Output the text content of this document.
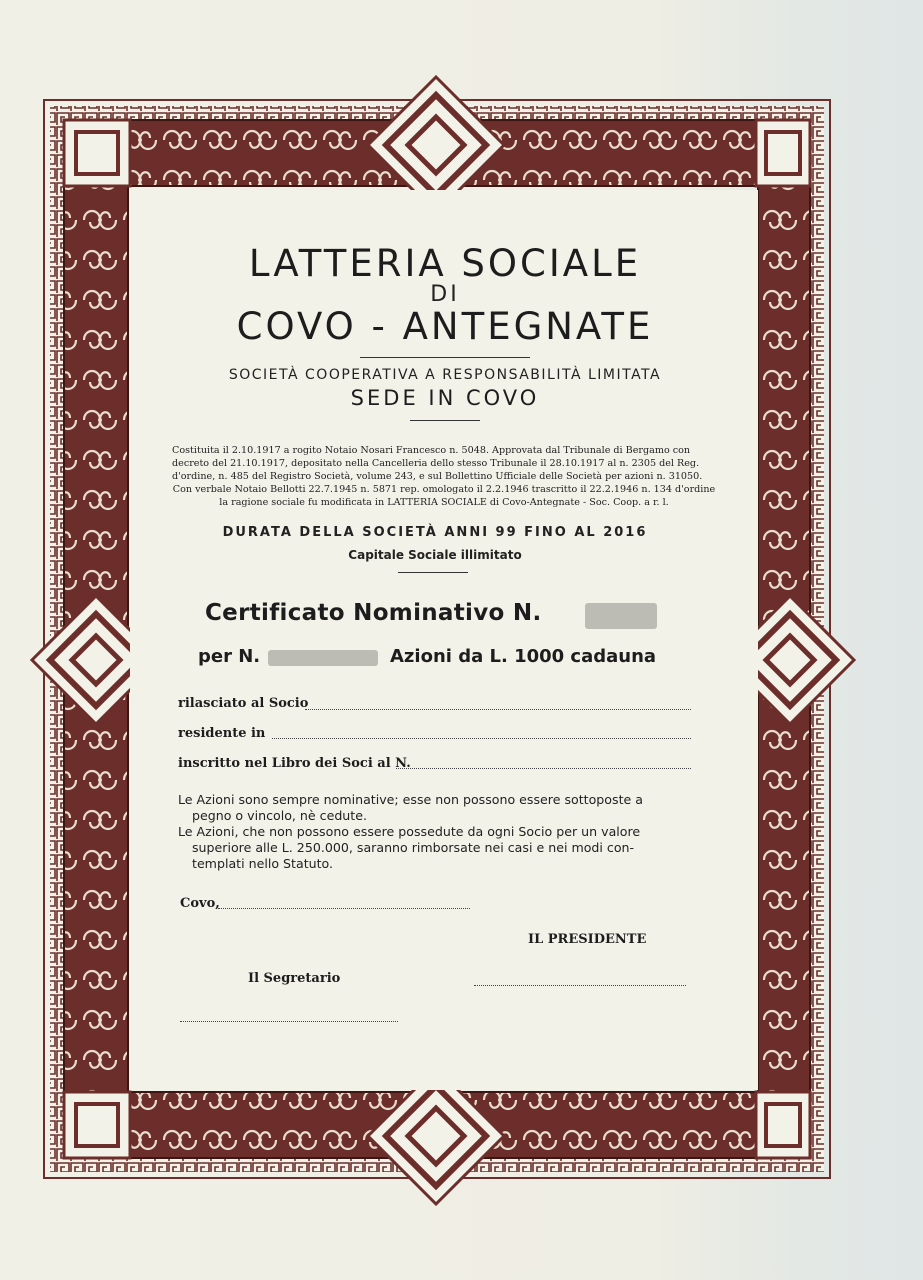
LATTERIA SOCIALE
DI
COVO - ANTEGNATE
SOCIETÀ COOPERATIVA A RESPONSABILITÀ LIMITATA
SEDE IN COVO
Costituita il 2.10.1917 a rogito Notaio Nosari Francesco n. 5048. Approvata dal Tribunale di Bergamo con
decreto del 21.10.1917, depositato nella Cancelleria dello stesso Tribunale il 28.10.1917 al n. 2305 del Reg.
d'ordine, n. 485 del Registro Società, volume 243, e sul Bollettino Ufficiale delle Società per azioni n. 31050.
Con verbale Notaio Bellotti 22.7.1945 n. 5871 rep. omologato il 2.2.1946 trascritto il 22.2.1946 n. 134 d'ordine
la ragione sociale fu modificata in LATTERIA SOCIALE di Covo-Antegnate - Soc. Coop. a r. l.
DURATA DELLA SOCIETÀ ANNI 99 FINO AL 2016
Capitale Sociale illimitato
Certificato Nominativo N.
per N.	Azioni da L. 1000 cadauna
rilasciato al Socio
residente in
inscritto nel Libro dei Soci al N.

Le Azioni sono sempre nominative; esse non possono essere sottoposte a

pegno o vincolo, nè cedute.

Le Azioni, che non possono essere possedute da ogni Socio per un valore

superiore alle L. 250.000, saranno rimborsate nei casi e nei modi con-

templati nello Statuto.

Covo,
IL PRESIDENTE
Il Segretario
